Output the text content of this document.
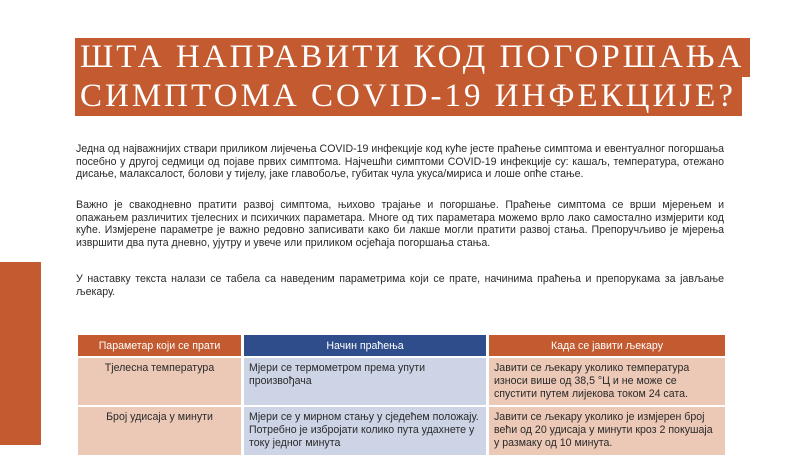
ШТА НАПРАВИТИ КОД ПОГОРШАЊА
СИМПТОМА COVID-19 ИНФЕКЦИЈЕ?

Једна од најважнијих ствари приликом лијечења COVID-19 инфекције код куће јесте праћење симптома и евентуалног погоршања посебно у другој седмици од појаве првих симптома. Најчешћи симптоми COVID-19 инфекције су: кашаљ, температура, отежано дисање, малаксалост, болови у тијелу, јаке главобоље, губитак чула укуса/мириса и лоше опће стање.

Важно је свакодневно пратити развој симптома, њихово трајање и погоршање. Праћење симптома се врши мјерењем и опажањем различитих тјелесних и психичких параметара. Многе од тих параметара можемо врло лако самостално измјерити код куће. Измјерене параметре је важно редовно записивати како би лакше могли пратити развој стања. Препоручљиво је мјерења извршити два пута дневно, ујутру и увече или приликом осјећаја погоршања стања.

У наставку текста налази се табела са наведеним параметрима који се прате, начинима праћења и препорукама за јављање љекару.

Параметар који се прати	Начин праћења	Када се јавити љекару
Тјелесна температура	Мјери се термометром према упути произвођача	Јавити се љекару уколико температура износи више од 38,5 °Ц и не може се спустити путем лијекова током 24 сата.
Број удисаја у минути	Мјери се у мирном стању у сједећем положају. Потребно је избројати колико пута удахнете у току једног минута	Јавити се љекару уколико је измјерен број већи од 20 удисаја у минути кроз 2 покушаја у размаку од 10 минута.
